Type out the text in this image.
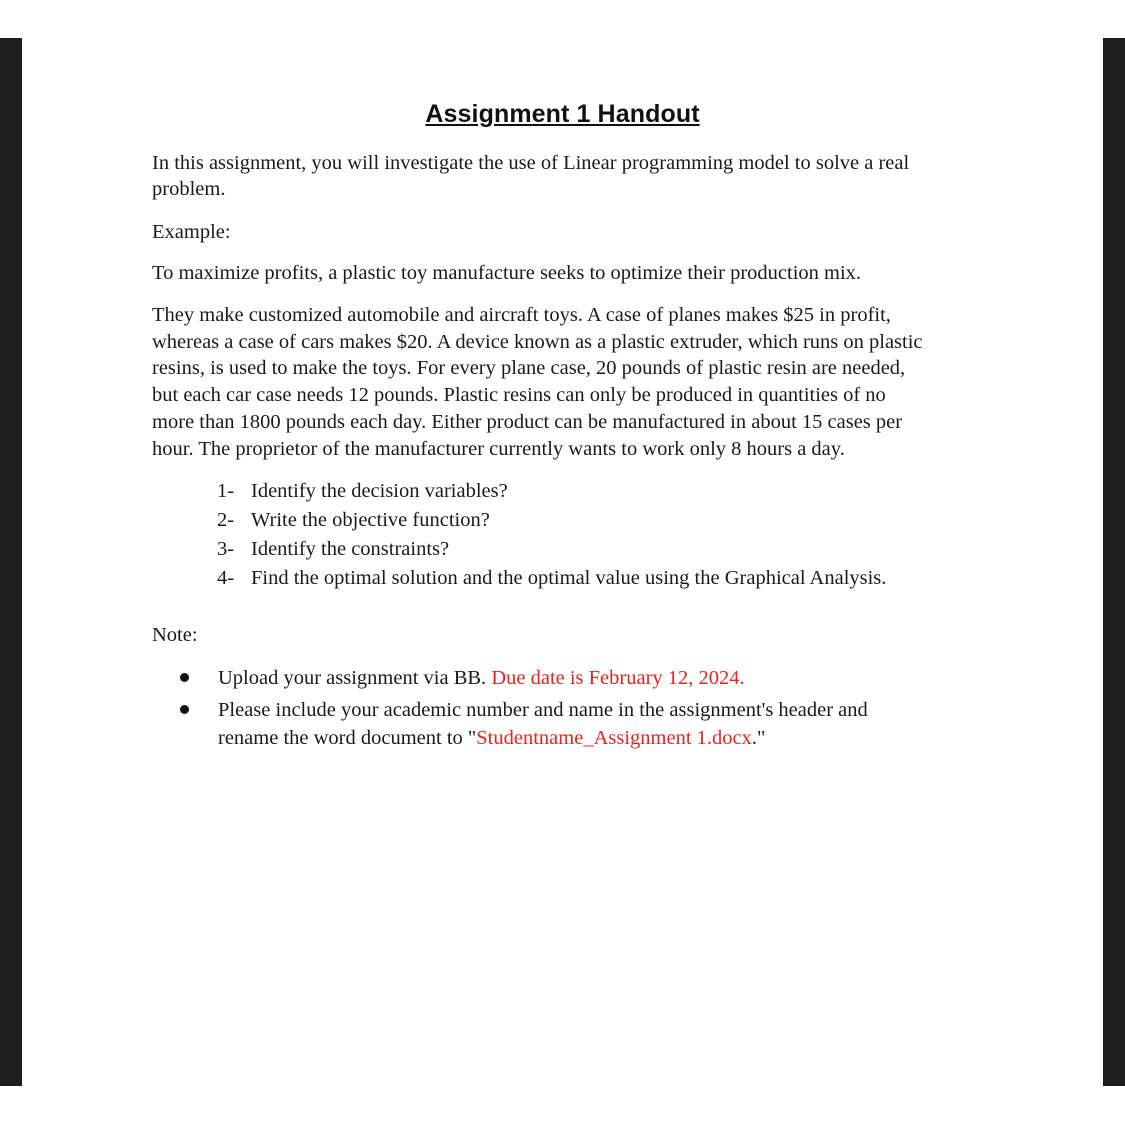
Assignment 1 Handout
In this assignment, you will investigate the use of Linear programming model to solve a real
problem.
Example:
To maximize profits, a plastic toy manufacture seeks to optimize their production mix.
They make customized automobile and aircraft toys. A case of planes makes $25 in profit,
whereas a case of cars makes $20. A device known as a plastic extruder, which runs on plastic
resins, is used to make the toys. For every plane case, 20 pounds of plastic resin are needed,
but each car case needs 12 pounds. Plastic resins can only be produced in quantities of no
more than 1800 pounds each day. Either product can be manufactured in about 15 cases per
hour. The proprietor of the manufacturer currently wants to work only 8 hours a day.
1- Identify the decision variables?
2- Write the objective function?
3- Identify the constraints?
4- Find the optimal solution and the optimal value using the Graphical Analysis.
Note:
Upload your assignment via BB. Due date is February 12, 2024.
Please include your academic number and name in the assignment's header and
rename the word document to "Studentname_Assignment 1.docx."
